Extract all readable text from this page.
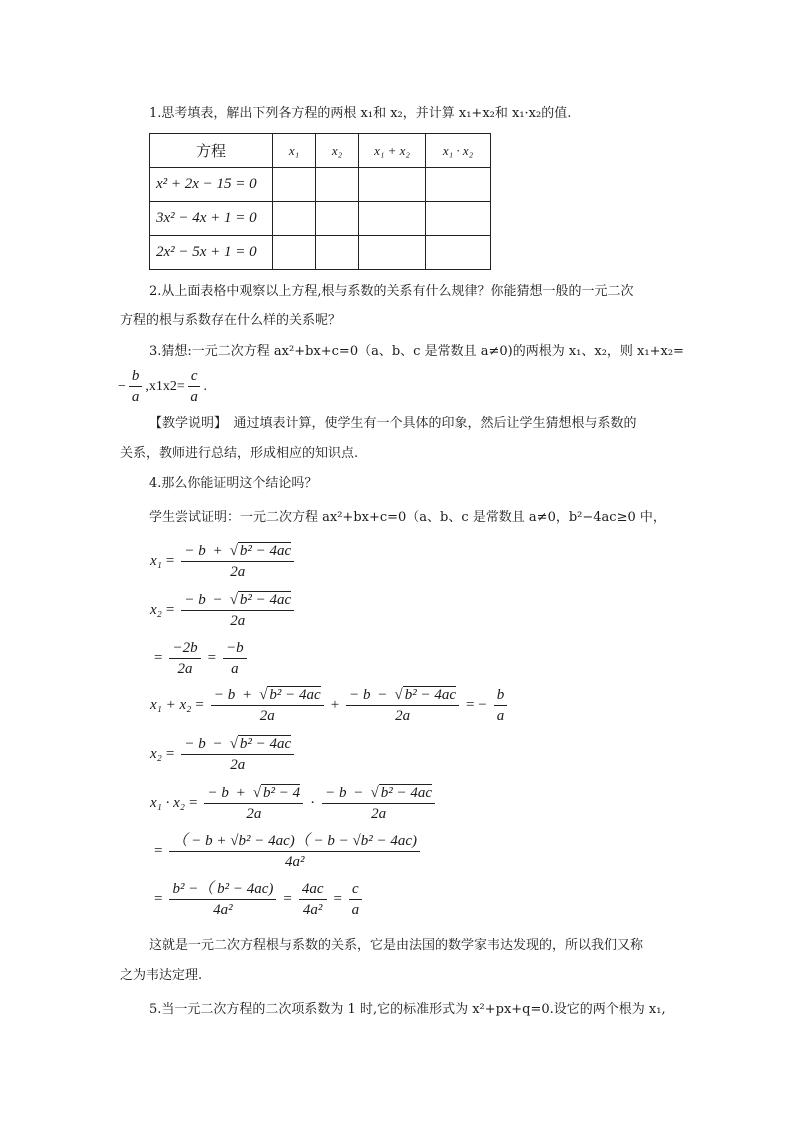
1.思考填表，解出下列各方程的两根 x₁和 x₂，并计算 x₁+x₂和 x₁·x₂的值.
方程	x₁	x₂	x₁ + x₂	x₁ · x₂
x² + 2x − 15 = 0				
3x² − 4x + 1 = 0				
2x² − 5x + 1 = 0				
2.从上面表格中观察以上方程,根与系数的关系有什么规律？你能猜想一般的一元二次
方程的根与系数存在什么样的关系呢？
3.猜想:一元二次方程 ax²+bx+c=0（a、b、c 是常数且 a≠0)的两根为 x₁、x₂，则 x₁+x₂=
− $\frac{b}{a} ,x1x2= \frac{c}{a}$ .
【教学说明】　通过填表计算，使学生有一个具体的印象，然后让学生猜想根与系数的
关系，教师进行总结，形成相应的知识点.
4.那么你能证明这个结论吗？
学生尝试证明：一元二次方程 ax²+bx+c=0（a、b、c 是常数且 a≠0，b²−4ac≥0 中，
$x_1 = \frac{\text{− b + √ b² − 4ac}}{2a}$
$x_2 = \frac{\text{− b − √ b² − 4ac}}{2a}$
= $\frac{-2b}{2a} = \frac{-b}{a}$
$x_1 + x_2 = \frac{\text{− b + √ b² − 4ac}}{2a} + \frac{\text{− b − √ b² − 4ac}}{2a}$ = − $\frac{b}{a}$
$x_2 = \frac{\text{− b − √ b² − 4ac}}{2a}$
$x_1 \cdot x_2 = \frac{\text{− b + √ b² − 4}}{2a} \cdot \frac{\text{− b − √ b² − 4ac}}{2a}$
= $\frac{\text{（ − b + √b² − 4ac)（ − b − √b² − 4ac)}}{\text{4a²}}$
= $\frac{\text{b² −（ b² − 4ac)}}{\text{4a²}} = \frac{4ac}{\text{4a²}} = \frac{c}{a}$
这就是一元二次方程根与系数的关系，它是由法国的数学家韦达发现的，所以我们又称
之为韦达定理.
5.当一元二次方程的二次项系数为 1 时,它的标准形式为 x²+px+q=0.设它的两个根为 x₁,
